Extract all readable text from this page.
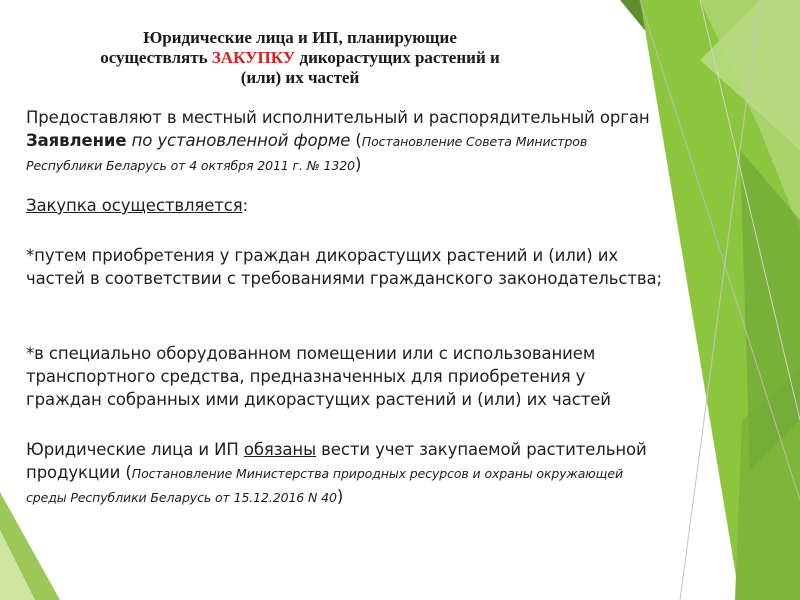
Юридические лица и ИП, планирующие
осуществлять ЗАКУПКУ дикорастущих растений и
(или) их частей
Предоставляют в местный исполнительный и распорядительный орган Заявление по установленной форме (Постановление Совета Министров Республики Беларусь от 4 октября 2011 г. № 1320)
Закупка осуществляется:
*путем приобретения у граждан дикорастущих растений и (или) их частей в соответствии с требованиями гражданского законодательства;
*в специально оборудованном помещении или с использованием транспортного средства, предназначенных для приобретения у граждан собранных ими дикорастущих растений и (или) их частей
Юридические лица и ИП обязаны вести учет закупаемой растительной продукции (Постановление Министерства природных ресурсов и охраны окружающей среды Республики Беларусь от 15.12.2016 N 40)
